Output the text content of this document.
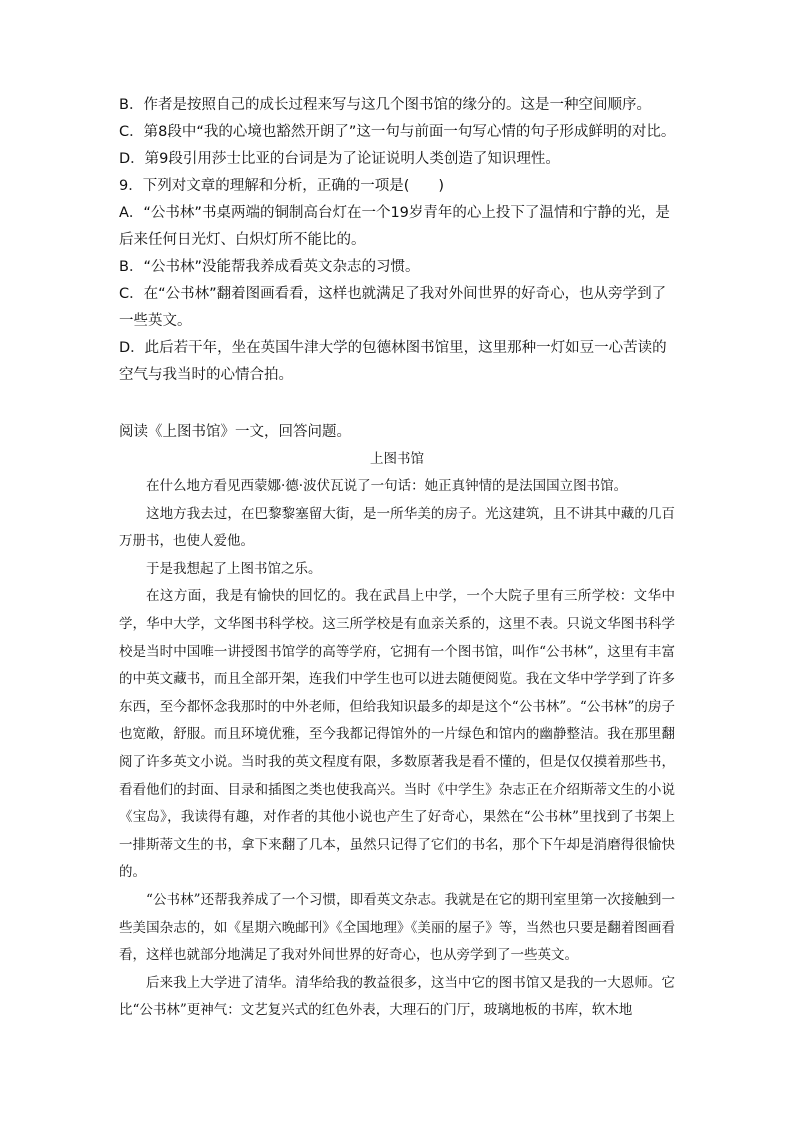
B．作者是按照自己的成长过程来写与这几个图书馆的缘分的。这是一种空间顺序。

C．第8段中“我的心境也豁然开朗了”这一句与前面一句写心情的句子形成鲜明的对比。

D．第9段引用莎士比亚的台词是为了论证说明人类创造了知识理性。

9．下列对文章的理解和分析，正确的一项是(　　)

A．“公书林”书桌两端的铜制高台灯在一个19岁青年的心上投下了温情和宁静的光，是后来任何日光灯、白炽灯所不能比的。

B．“公书林”没能帮我养成看英文杂志的习惯。

C．在“公书林”翻着图画看看，这样也就满足了我对外间世界的好奇心，也从旁学到了一些英文。

D．此后若干年，坐在英国牛津大学的包德林图书馆里，这里那种一灯如豆一心苦读的空气与我当时的心情合拍。

阅读《上图书馆》一文，回答问题。

上图书馆

在什么地方看见西蒙娜·德·波伏瓦说了一句话：她正真钟情的是法国国立图书馆。

这地方我去过，在巴黎黎塞留大街，是一所华美的房子。光这建筑，且不讲其中藏的几百万册书，也使人爱他。

于是我想起了上图书馆之乐。

在这方面，我是有愉快的回忆的。我在武昌上中学，一个大院子里有三所学校：文华中学，华中大学，文华图书科学校。这三所学校是有血亲关系的，这里不表。只说文华图书科学校是当时中国唯一讲授图书馆学的高等学府，它拥有一个图书馆，叫作“公书林”，这里有丰富的中英文藏书，而且全部开架，连我们中学生也可以进去随便阅览。我在文华中学学到了许多东西，至今都怀念我那时的中外老师，但给我知识最多的却是这个“公书林”。“公书林”的房子也宽敞，舒服。而且环境优雅，至今我都记得馆外的一片绿色和馆内的幽静整洁。我在那里翻阅了许多英文小说。当时我的英文程度有限，多数原著我是看不懂的，但是仅仅摸着那些书，看看他们的封面、目录和插图之类也使我高兴。当时《中学生》杂志正在介绍斯蒂文生的小说《宝岛》，我读得有趣，对作者的其他小说也产生了好奇心，果然在“公书林”里找到了书架上一排斯蒂文生的书，拿下来翻了几本，虽然只记得了它们的书名，那个下午却是消磨得很愉快的。

“公书林”还帮我养成了一个习惯，即看英文杂志。我就是在它的期刊室里第一次接触到一些美国杂志的，如《星期六晚邮刊》《全国地理》《美丽的屋子》等，当然也只要是翻着图画看看，这样也就部分地满足了我对外间世界的好奇心，也从旁学到了一些英文。

后来我上大学进了清华。清华给我的教益很多，这当中它的图书馆又是我的一大恩师。它比“公书林”更神气：文艺复兴式的红色外表，大理石的门厅，玻璃地板的书库，软木地
